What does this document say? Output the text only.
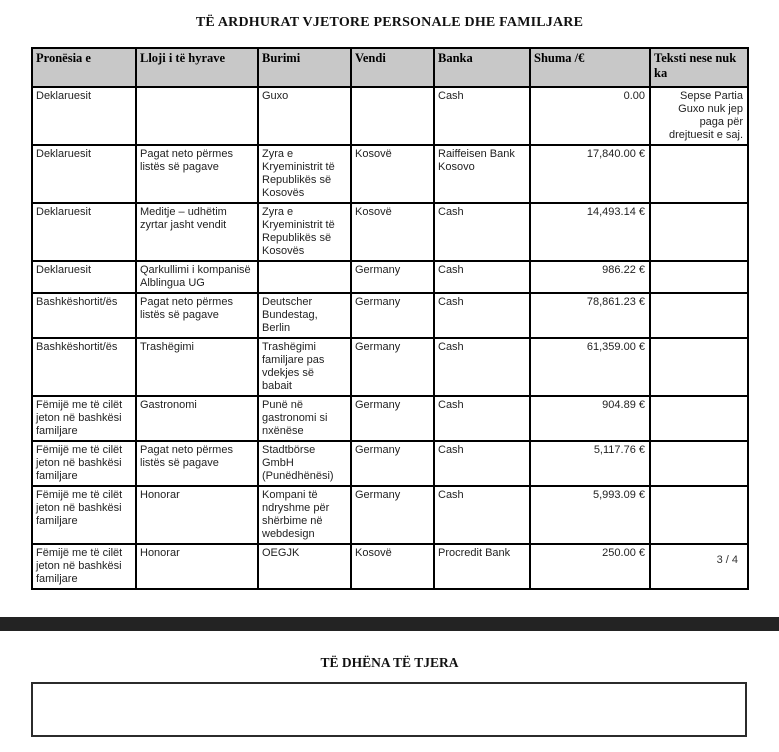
TË ARDHURAT VJETORE PERSONALE DHE FAMILJARE
Pronësia e	Lloji i të hyrave	Burimi	Vendi	Banka	Shuma /€	Teksti nese nuk ka
Deklaruesit		Guxo		Cash	0.00	Sepse Partia Guxo nuk jep paga për drejtuesit e saj.
Deklaruesit	Pagat neto përmes listës së pagave	Zyra e Kryeministrit të Republikës së Kosovës	Kosovë	Raiffeisen Bank Kosovo	17,840.00 €	
Deklaruesit	Meditje – udhëtim zyrtar jasht vendit	Zyra e Kryeministrit të Republikës së Kosovës	Kosovë	Cash	14,493.14 €	
Deklaruesit	Qarkullimi i kompanisë Alblingua UG		Germany	Cash	986.22 €	
Bashkëshortit/ës	Pagat neto përmes listës së pagave	Deutscher Bundestag, Berlin	Germany	Cash	78,861.23 €	
Bashkëshortit/ës	Trashëgimi	Trashëgimi familjare pas vdekjes së babait	Germany	Cash	61,359.00 €	
Fëmijë me të cilët jeton në bashkësi familjare	Gastronomi	Punë në gastronomi si nxënëse	Germany	Cash	904.89 €	
Fëmijë me të cilët jeton në bashkësi familjare	Pagat neto përmes listës së pagave	Stadtbörse GmbH (Punëdhënësi)	Germany	Cash	5,117.76 €	
Fëmijë me të cilët jeton në bashkësi familjare	Honorar	Kompani të ndryshme për shërbime në webdesign	Germany	Cash	5,993.09 €	
Fëmijë me të cilët jeton në bashkësi familjare	Honorar	OEGJK	Kosovë	Procredit Bank	250.00 €	
3 / 4
TË DHËNA TË TJERA
